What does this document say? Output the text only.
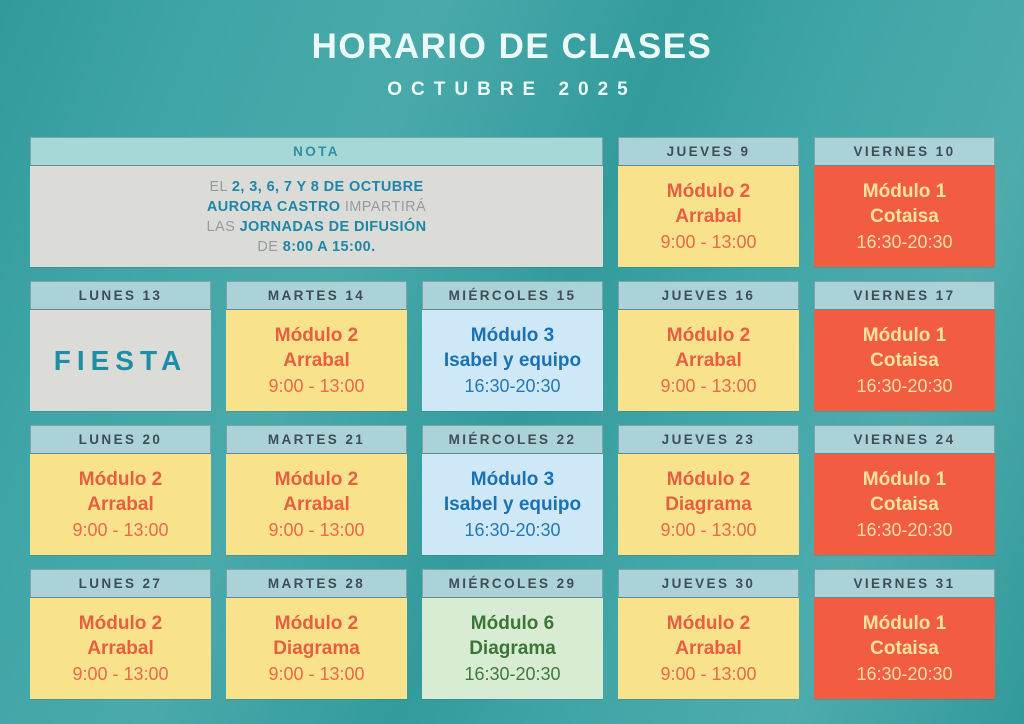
HORARIO DE CLASES
OCTUBRE 2025
NOTA
EL 2, 3, 6, 7 Y 8 DE OCTUBRE
AURORA CASTRO IMPARTIRÁ
LAS JORNADAS DE DIFUSIÓN
DE 8:00 A 15:00.
JUEVES 9
Módulo 2
Arrabal
9:00 - 13:00
VIERNES 10
Módulo 1
Cotaisa
16:30-20:30
LUNES 13
FIESTA
MARTES 14
Módulo 2
Arrabal
9:00 - 13:00
MIÉRCOLES 15
Módulo 3
Isabel y equipo
16:30-20:30
JUEVES 16
Módulo 2
Arrabal
9:00 - 13:00
VIERNES 17
Módulo 1
Cotaisa
16:30-20:30
LUNES 20
Módulo 2
Arrabal
9:00 - 13:00
MARTES 21
Módulo 2
Arrabal
9:00 - 13:00
MIÉRCOLES 22
Módulo 3
Isabel y equipo
16:30-20:30
JUEVES 23
Módulo 2
Diagrama
9:00 - 13:00
VIERNES 24
Módulo 1
Cotaisa
16:30-20:30
LUNES 27
Módulo 2
Arrabal
9:00 - 13:00
MARTES 28
Módulo 2
Diagrama
9:00 - 13:00
MIÉRCOLES 29
Módulo 6
Diagrama
16:30-20:30
JUEVES 30
Módulo 2
Arrabal
9:00 - 13:00
VIERNES 31
Módulo 1
Cotaisa
16:30-20:30
